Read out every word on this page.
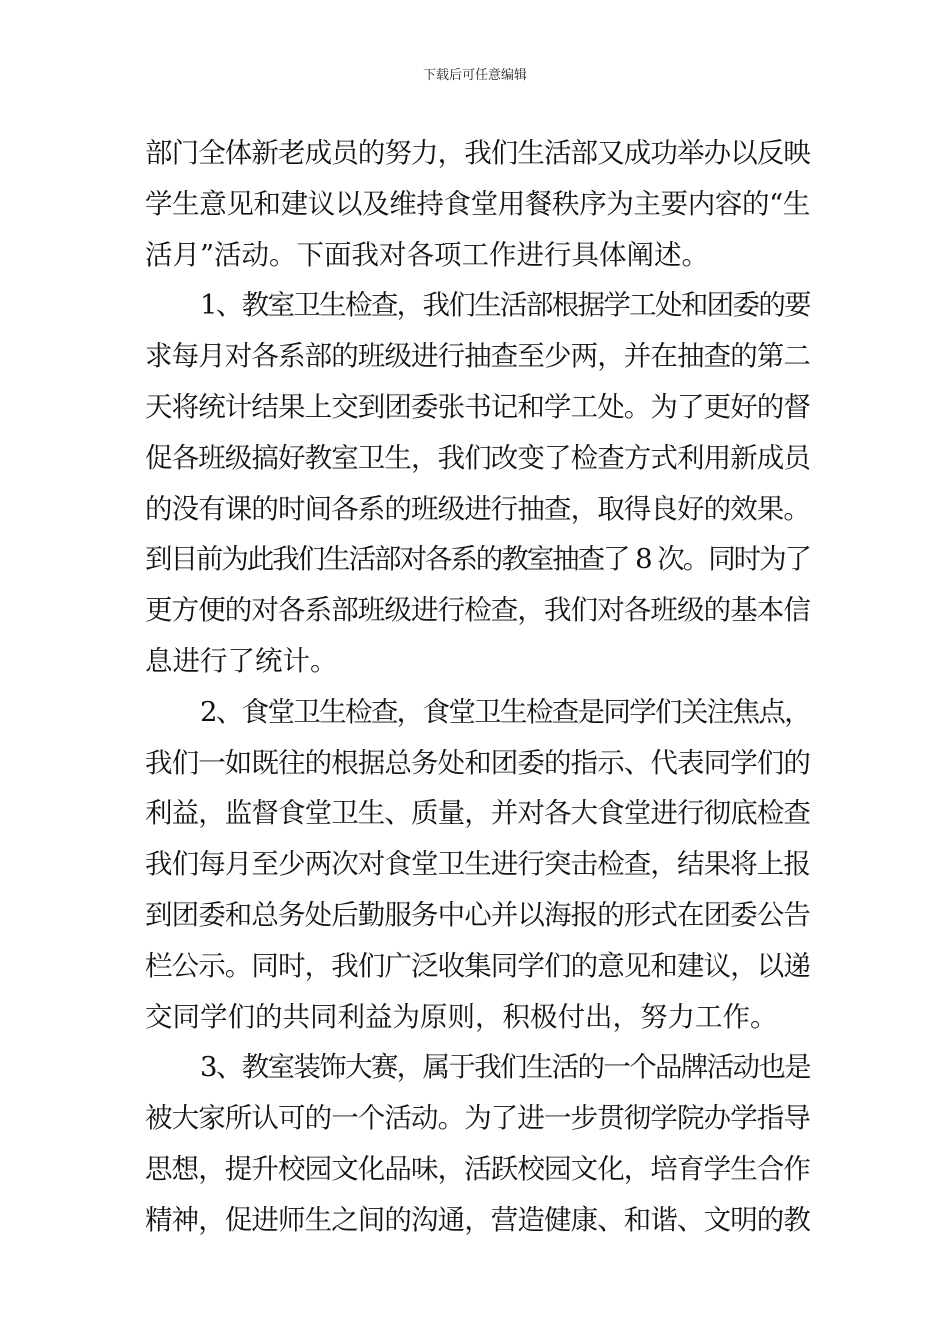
下载后可任意编辑
部门全体新老成员的努力，我们生活部又成功举办以反映
学生意见和建议以及维持食堂用餐秩序为主要内容的“生
活月”活动。下面我对各项工作进行具体阐述。
1、教室卫生检查，我们生活部根据学工处和团委的要
求每月对各系部的班级进行抽查至少两，并在抽查的第二
天将统计结果上交到团委张书记和学工处。为了更好的督
促各班级搞好教室卫生，我们改变了检查方式利用新成员
的没有课的时间各系的班级进行抽查，取得良好的效果。
到目前为此我们生活部对各系的教室抽查了 8 次。同时为了
更方便的对各系部班级进行检查，我们对各班级的基本信
息进行了统计。
2、食堂卫生检查，食堂卫生检查是同学们关注焦点，
我们一如既往的根据总务处和团委的指示、代表同学们的
利益，监督食堂卫生、质量，并对各大食堂进行彻底检查
我们每月至少两次对食堂卫生进行突击检查，结果将上报
到团委和总务处后勤服务中心并以海报的形式在团委公告
栏公示。同时，我们广泛收集同学们的意见和建议，以递
交同学们的共同利益为原则，积极付出，努力工作。
3、教室装饰大赛，属于我们生活的一个品牌活动也是
被大家所认可的一个活动。为了进一步贯彻学院办学指导
思想，提升校园文化品味，活跃校园文化，培育学生合作
精神，促进师生之间的沟通，营造健康、和谐、文明的教
